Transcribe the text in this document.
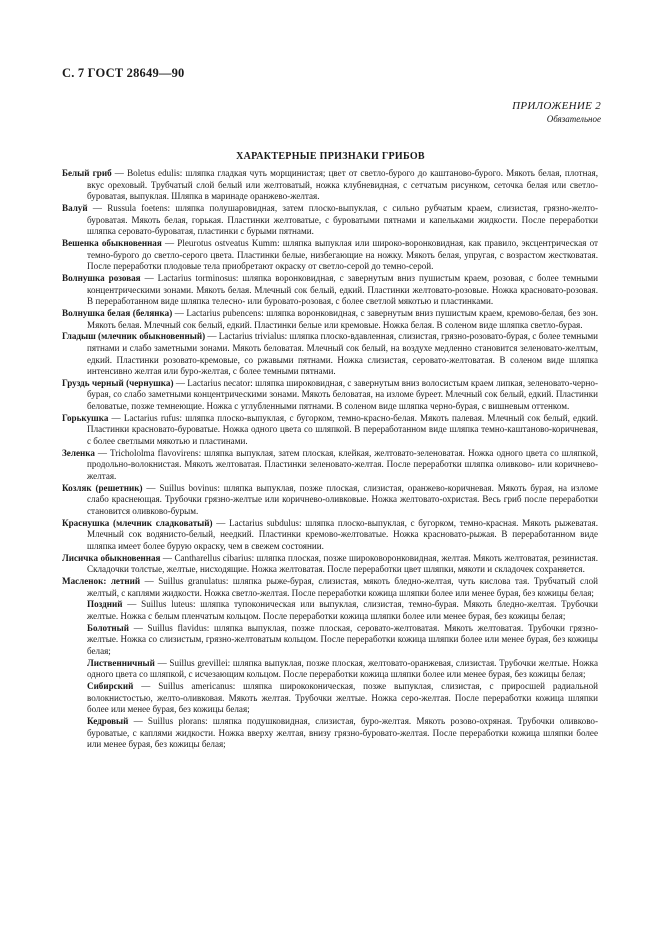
С. 7 ГОСТ 28649—90
ПРИЛОЖЕНИЕ 2
Обязательное
ХАРАКТЕРНЫЕ ПРИЗНАКИ ГРИБОВ

Белый гриб — Boletus edulis: шляпка гладкая чуть морщинистая; цвет от светло-бурого до каштаново-бурого. Мякоть белая, плотная, вкус ореховый. Трубчатый слой белый или желтоватый, ножка клубневидная, с сетчатым рисунком, сеточка белая или светло-буроватая, выпуклая. Шляпка в маринаде оранжево-желтая.

Валуй — Russula foetens: шляпка полушаровидная, затем плоско-выпуклая, с сильно рубчатым краем, слизистая, грязно-желто-буроватая. Мякоть белая, горькая. Пластинки желтоватые, с буроватыми пятнами и капельками жидкости. После переработки шляпка серовато-буроватая, пластинки с бурыми пятнами.

Вешенка обыкновенная — Pleurotus ostveatus Kumm: шляпка выпуклая или широко-воронковидная, как правило, эксцентрическая от темно-бурого до светло-серого цвета. Пластинки белые, низбегающие на ножку. Мякоть белая, упругая, с возрастом жестковатая. После переработки плодовые тела приобретают окраску от светло-серой до темно-серой.

Волнушка розовая — Lactarius torminosus: шляпка воронковидная, с завернутым вниз пушистым краем, розовая, с более темными концентрическими зонами. Мякоть белая. Млечный сок белый, едкий. Пластинки желтовато-розовые. Ножка красновато-розовая. В переработанном виде шляпка телесно- или буровато-розовая, с более светлой мякотью и пластинками.

Волнушка белая (белянка) — Lactarius pubencens: шляпка воронковидная, с завернутым вниз пушистым краем, кремово-белая, без зон. Мякоть белая. Млечный сок белый, едкий. Пластинки белые или кремовые. Ножка белая. В соленом виде шляпка светло-бурая.

Гладыш (млечник обыкновенный) — Lactarius trivialus: шляпка плоско-вдавленная, слизистая, грязно-розовато-бурая, с более темными пятнами и слабо заметными зонами. Мякоть беловатая. Млечный сок белый, на воздухе медленно становится зеленовато-желтым, едкий. Пластинки розовато-кремовые, со ржавыми пятнами. Ножка слизистая, серовато-желтоватая. В соленом виде шляпка интенсивно желтая или буро-желтая, с более темными пятнами.

Груздь черный (чернушка) — Lactarius necator: шляпка широковидная, с завернутым вниз волосистым краем липкая, зеленовато-черно-бурая, со слабо заметными концентрическими зонами. Мякоть беловатая, на изломе буреет. Млечный сок белый, едкий. Пластинки беловатые, позже темнеющие. Ножка с углубленными пятнами. В соленом виде шляпка черно-бурая, с вишневым оттенком.

Горькушка — Lactarius rufus: шляпка плоско-выпуклая, с бугорком, темно-красно-белая. Мякоть палевая. Млечный сок белый, едкий. Пластинки красновато-буроватые. Ножка одного цвета со шляпкой. В переработанном виде шляпка темно-каштаново-коричневая, с более светлыми мякотью и пластинами.

Зеленка — Trichololma flavovirens: шляпка выпуклая, затем плоская, клейкая, желтовато-зеленоватая. Ножка одного цвета со шляпкой, продольно-волокнистая. Мякоть желтоватая. Пластинки зеленовато-желтая. После переработки шляпка оливково- или коричнево-желтая.

Козляк (решетник) — Suillus bovinus: шляпка выпуклая, позже плоская, слизистая, оранжево-коричневая. Мякоть бурая, на изломе слабо краснеющая. Трубочки грязно-желтые или коричнево-оливковые. Ножка желтовато-охристая. Весь гриб после переработки становится оливково-бурым.

Краснушка (млечник сладковатый) — Lactarius subdulus: шляпка плоско-выпуклая, с бугорком, темно-красная. Мякоть рыжеватая. Млечный сок водянисто-белый, неедкий. Пластинки кремово-желтоватые. Ножка красновато-рыжая. В переработанном виде шляпка имеет более бурую окраску, чем в свежем состоянии.

Лисичка обыкновенная — Cantharellus cibarius: шляпка плоская, позже широковоронковидная, желтая. Мякоть желтоватая, резинистая. Складочки толстые, желтые, нисходящие. Ножка желтоватая. После переработки цвет шляпки, мякоти и складочек сохраняется.

Масленок: летний — Suillus granulatus: шляпка рыже-бурая, слизистая, мякоть бледно-желтая, чуть кислова тая. Трубчатый слой желтый, с каплями жидкости. Ножка светло-желтая. После переработки кожица шляпки более или менее бурая, без кожицы белая;

Поздний — Suillus luteus: шляпка тупоконическая или выпуклая, слизистая, темно-бурая. Мякоть бледно-желтая. Трубочки желтые. Ножка с белым пленчатым кольцом. После переработки кожица шляпки более или менее бурая, без кожицы белая;

Болотный — Suillus flavidus: шляпка выпуклая, позже плоская, серовато-желтоватая. Мякоть желтоватая. Трубочки грязно-желтые. Ножка со слизистым, грязно-желтоватым кольцом. После переработки кожица шляпки более или менее бурая, без кожицы белая;

Лиственничный — Suillus grevillei: шляпка выпуклая, позже плоская, желтовато-оранжевая, слизистая. Трубочки желтые. Ножка одного цвета со шляпкой, с исчезающим кольцом. После переработки кожица шляпки более или менее бурая, без кожицы белая;

Сибирский — Suillus americanus: шляпка ширококоническая, позже выпуклая, слизистая, с приросшей радиальной волокнистостью, желто-оливковая. Мякоть желтая. Трубочки желтые. Ножка серо-желтая. После переработки кожица шляпки более или менее бурая, без кожицы белая;

Кедровый — Suillus plorans: шляпка подушковидная, слизистая, буро-желтая. Мякоть розово-охряная. Трубочки оливково-буроватые, с каплями жидкости. Ножка вверху желтая, внизу грязно-буровато-желтая. После переработки кожица шляпки более или менее бурая, без кожицы белая;
